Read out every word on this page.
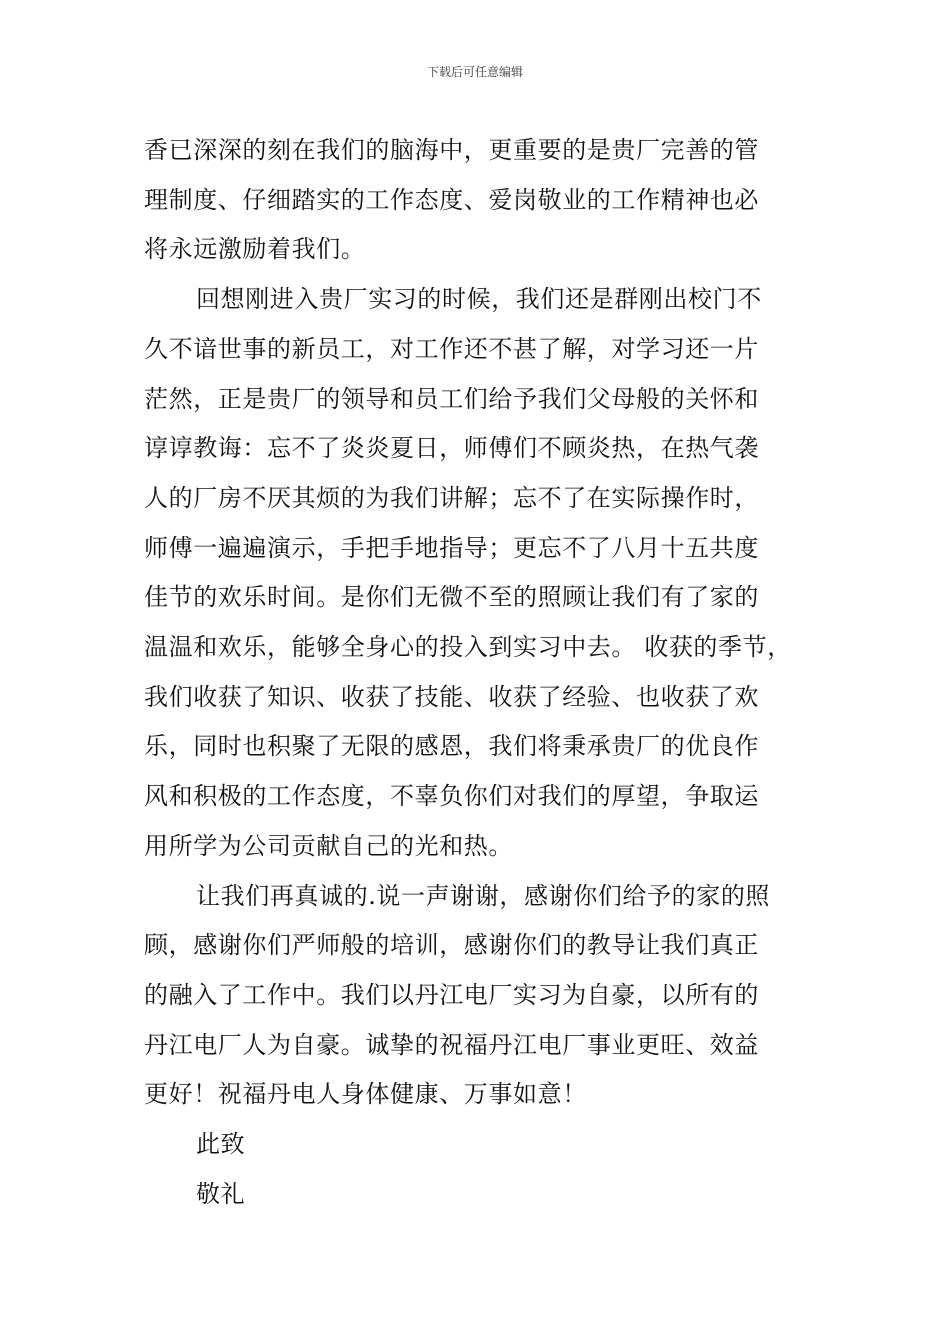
下载后可任意编辑

香已深深的刻在我们的脑海中，更重要的是贵厂完善的管
理制度、仔细踏实的工作态度、爱岗敬业的工作精神也必
将永远激励着我们。

回想刚进入贵厂实习的时候，我们还是群刚出校门不
久不谙世事的新员工，对工作还不甚了解，对学习还一片
茫然，正是贵厂的领导和员工们给予我们父母般的关怀和
谆谆教诲：忘不了炎炎夏日，师傅们不顾炎热，在热气袭
人的厂房不厌其烦的为我们讲解；忘不了在实际操作时，
师傅一遍遍演示，手把手地指导；更忘不了八月十五共度
佳节的欢乐时间。是你们无微不至的照顾让我们有了家的
温温和欢乐，能够全身心的投入到实习中去。 收获的季节，
我们收获了知识、收获了技能、收获了经验、也收获了欢
乐，同时也积聚了无限的感恩，我们将秉承贵厂的优良作
风和积极的工作态度，不辜负你们对我们的厚望，争取运
用所学为公司贡献自己的光和热。

让我们再真诚的.说一声谢谢，感谢你们给予的家的照
顾，感谢你们严师般的培训，感谢你们的教导让我们真正
的融入了工作中。我们以丹江电厂实习为自豪，以所有的
丹江电厂人为自豪。诚挚的祝福丹江电厂事业更旺、效益
更好！祝福丹电人身体健康、万事如意！

此致

敬礼
